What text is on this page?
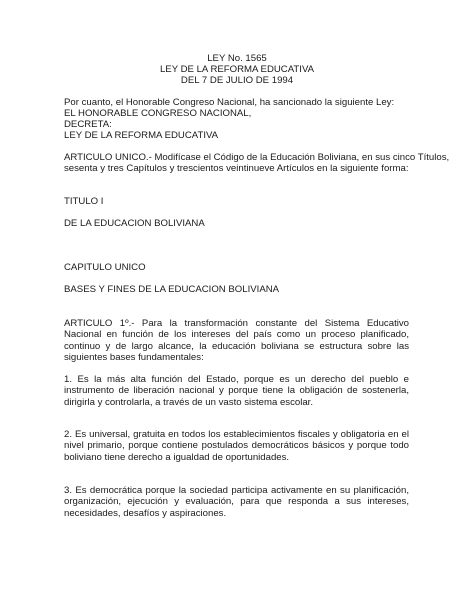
LEY No. 1565

LEY DE LA REFORMA EDUCATIVA

DEL 7 DE JULIO DE 1994

Por cuanto, el Honorable Congreso Nacional, ha sancionado la siguiente Ley:

EL HONORABLE CONGRESO NACIONAL,

DECRETA:

LEY DE LA REFORMA EDUCATIVA

ARTICULO UNICO.- Modifícase el Código de la Educación Boliviana, en sus cinco Títulos,

sesenta y tres Capítulos y trescientos veintinueve Artículos en la siguiente forma:

TITULO I

DE LA EDUCACION BOLIVIANA

CAPITULO UNICO

BASES Y FINES DE LA EDUCACION BOLIVIANA

ARTICULO 1º.- Para la transformación constante del Sistema Educativo Nacional en función de los intereses del país como un proceso planificado, continuo y de largo alcance, la educación boliviana se estructura sobre las siguientes bases fundamentales:

1. Es la más alta función del Estado, porque es un derecho del pueblo e instrumento de liberación nacional y porque tiene la obligación de sostenerla, dirigirla y controlarla, a través de un vasto sistema escolar.

2. Es universal, gratuita en todos los establecimientos fiscales y obligatoria en el nivel primario, porque contiene postulados democráticos básicos y porque todo boliviano tiene derecho a igualdad de oportunidades.

3. Es democrática porque la sociedad participa activamente en su planificación, organización, ejecución y evaluación, para que responda a sus intereses, necesidades, desafíos y aspiraciones.
